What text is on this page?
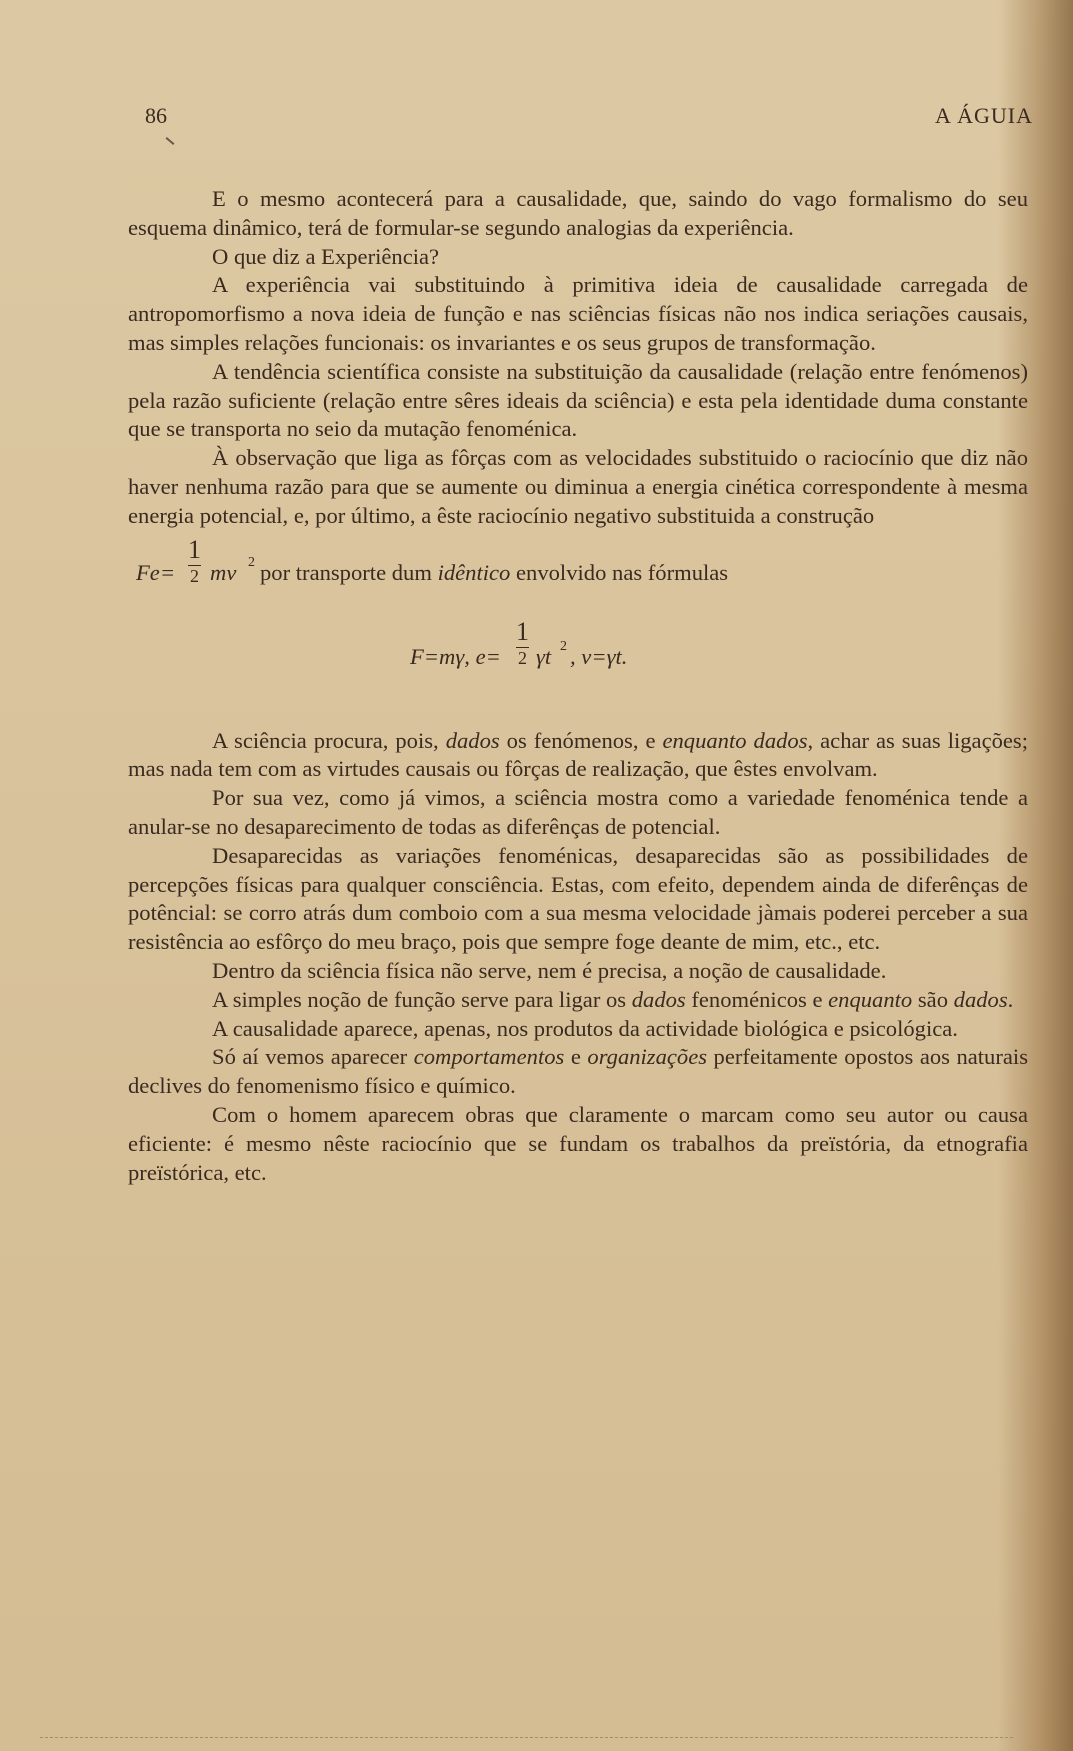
86	A ÁGUIA

E o mesmo acontecerá para a causalidade, que, saindo do vago formalismo do seu esquema dinâmico, terá de formular-se segundo analogias da experiência.

O que diz a Experiência?

A experiência vai substituindo à primitiva ideia de causalidade carregada de antropomorfismo a nova ideia de função e nas sciências físicas não nos indica seriações causais, mas simples relações funcionais: os invariantes e os seus grupos de transformação.

A tendência scientífica consiste na substituição da causalidade (relação entre fenómenos) pela razão suficiente (relação entre sêres ideais da sciência) e esta pela identidade duma constante que se transporta no seio da mutação fenoménica.

À observação que liga as fôrças com as velocidades substituido o raciocínio que diz não haver nenhuma razão para que se aumente ou diminua a energia cinética correspondente à mesma energia potencial, e, por último, a êste raciocínio negativo substituida a construção

Fe=
1
2 mv 2 por transporte dum idêntico envolvido nas fórmulas
F=mγ, e=
1
2 γt 2 , v=γt.

A sciência procura, pois, dados os fenómenos, e enquanto dados, achar as suas ligações; mas nada tem com as virtudes causais ou fôrças de realização, que êstes envolvam.

Por sua vez, como já vimos, a sciência mostra como a variedade fenoménica tende a anular-se no desaparecimento de todas as diferênças de potencial.

Desaparecidas as variações fenoménicas, desaparecidas são as possibilidades de percepções físicas para qualquer consciência. Estas, com efeito, dependem ainda de diferênças de potêncial: se corro atrás dum comboio com a sua mesma velocidade jàmais poderei perceber a sua resistência ao esfôrço do meu braço, pois que sempre foge deante de mim, etc., etc.

Dentro da sciência física não serve, nem é precisa, a noção de causalidade.

A simples noção de função serve para ligar os dados fenoménicos e enquanto são dados.

A causalidade aparece, apenas, nos produtos da actividade biológica e psicológica.

Só aí vemos aparecer comportamentos e organizações perfeitamente opostos aos naturais declives do fenomenismo físico e químico.

Com o homem aparecem obras que claramente o marcam como seu autor ou causa eficiente: é mesmo nêste raciocínio que se fundam os trabalhos da preïstória, da etnografia preïstórica, etc.
